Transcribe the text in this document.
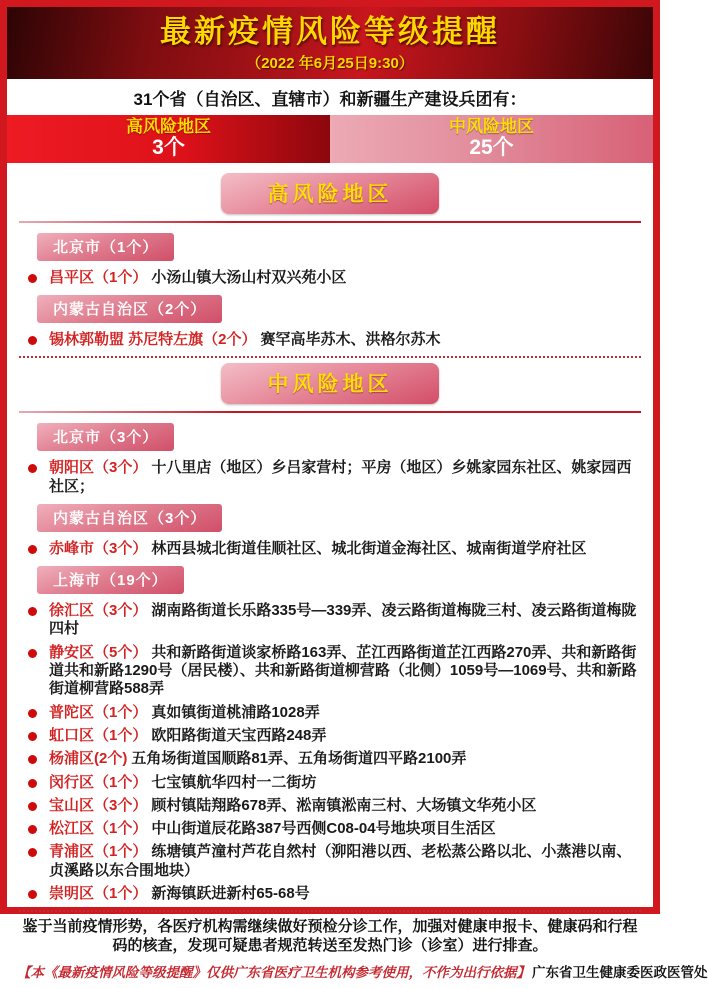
最新疫情风险等级提醒
（2022 年6月25日9:30）
31个省（自治区、直辖市）和新疆生产建设兵团有：
高风险地区
3个
中风险地区
25个
高风险地区
北京市（1个）
昌平区（1个） 小汤山镇大汤山村双兴苑小区
内蒙古自治区（2个）
锡林郭勒盟 苏尼特左旗（2个） 赛罕高毕苏木、洪格尔苏木
中风险地区
北京市（3个）
朝阳区（3个） 十八里店（地区）乡吕家营村；平房（地区）乡姚家园东社区、姚家园西社区；
内蒙古自治区（3个）
赤峰市（3个） 林西县城北街道佳顺社区、城北街道金海社区、城南街道学府社区
上海市（19个）
徐汇区（3个） 湖南路街道长乐路335号—339弄、凌云路街道梅陇三村、凌云路街道梅陇四村
静安区（5个） 共和新路街道谈家桥路163弄、芷江西路街道芷江西路270弄、共和新路街道共和新路1290号（居民楼）、共和新路街道柳营路（北侧）1059号—1069号、共和新路街道柳营路588弄
普陀区（1个） 真如镇街道桃浦路1028弄
虹口区（1个） 欧阳路街道天宝西路248弄
杨浦区(2个) 五角场街道国顺路81弄、五角场街道四平路2100弄
闵行区（1个） 七宝镇航华四村一二街坊
宝山区（3个） 顾村镇陆翔路678弄、淞南镇淞南三村、大场镇文华苑小区
松江区（1个） 中山街道辰花路387号西侧C08-04号地块项目生活区
青浦区（1个） 练塘镇芦潼村芦花自然村（泖阳港以西、老松蒸公路以北、小蒸港以南、贞溪路以东合围地块）
崇明区（1个） 新海镇跃进新村65-68号
鉴于当前疫情形势，各医疗机构需继续做好预检分诊工作，加强对健康申报卡、健康码和行程码的核查，发现可疑患者规范转送至发热门诊（诊室）进行排查。
【本《最新疫情风险等级提醒》仅供广东省医疗卫生机构参考使用，不作为出行依据】 广东省卫生健康委医政医管处
